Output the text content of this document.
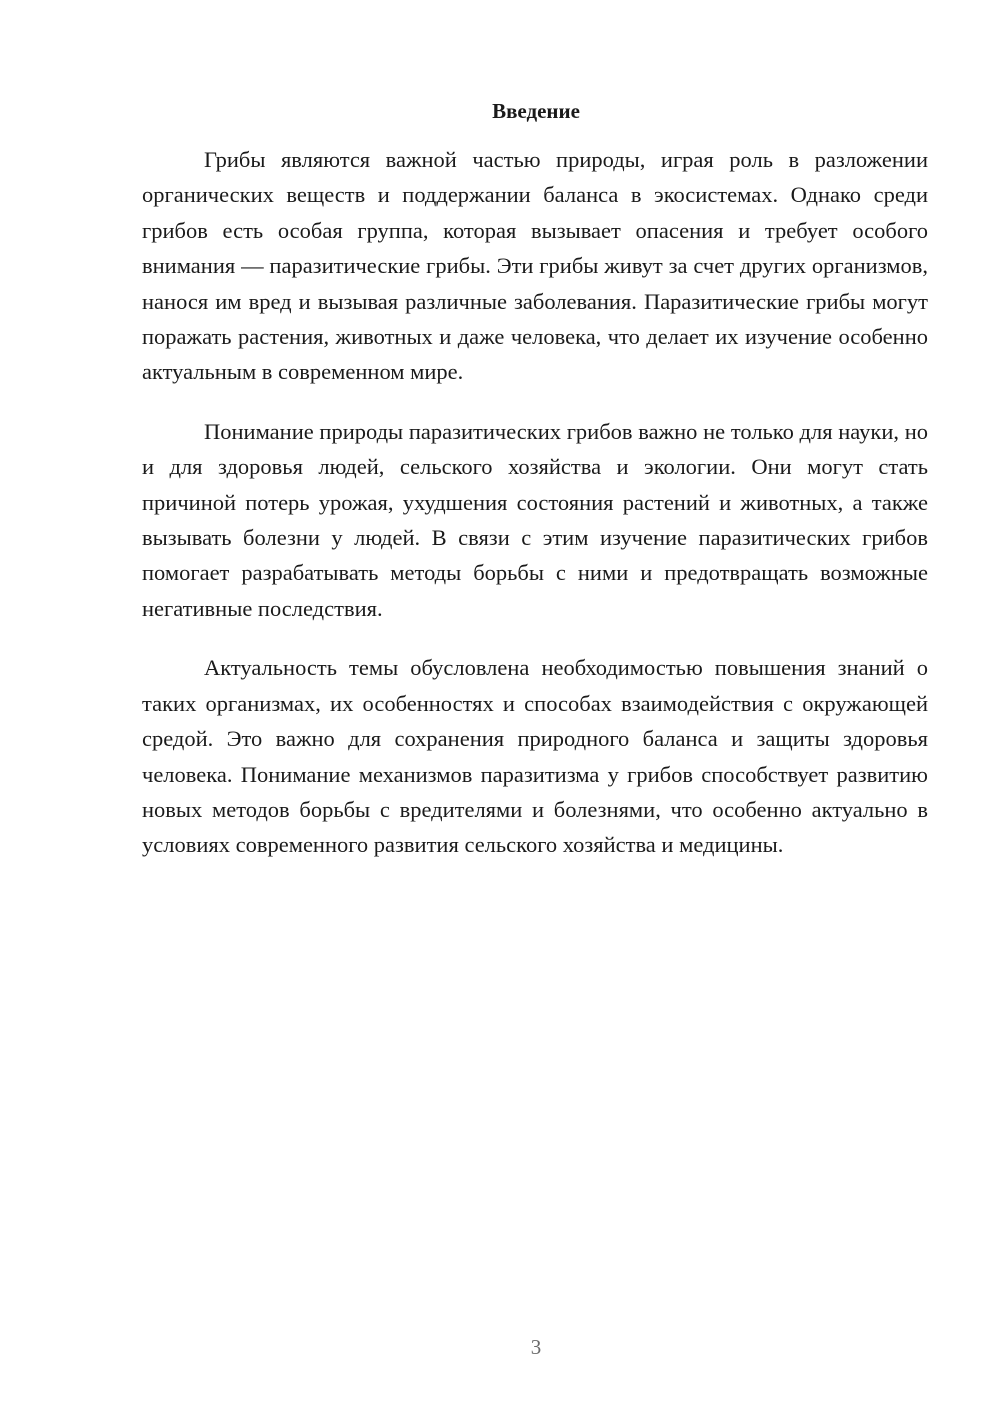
Введение

Грибы являются важной частью природы, играя роль в разложении органических веществ и поддержании баланса в экосистемах. Однако среди грибов есть особая группа, которая вызывает опасения и требует особого внимания — паразитические грибы. Эти грибы живут за счет других организмов, нанося им вред и вызывая различные заболевания. Паразитические грибы могут поражать растения, животных и даже человека, что делает их изучение особенно актуальным в современном мире.

Понимание природы паразитических грибов важно не только для науки, но и для здоровья людей, сельского хозяйства и экологии. Они могут стать причиной потерь урожая, ухудшения состояния растений и животных, а также вызывать болезни у людей. В связи с этим изучение паразитических грибов помогает разрабатывать методы борьбы с ними и предотвращать возможные негативные последствия.

Актуальность темы обусловлена необходимостью повышения знаний о таких организмах, их особенностях и способах взаимодействия с окружающей средой. Это важно для сохранения природного баланса и защиты здоровья человека. Понимание механизмов паразитизма у грибов способствует развитию новых методов борьбы с вредителями и болезнями, что особенно актуально в условиях современного развития сельского хозяйства и медицины.

3
